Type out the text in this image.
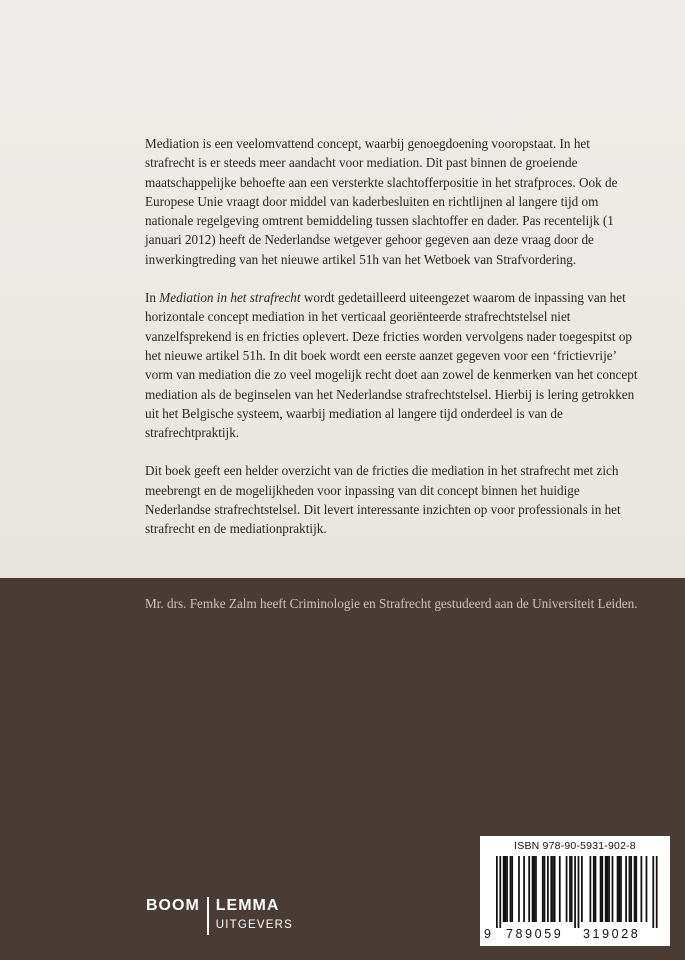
Mediation is een veelomvattend concept, waarbij genoegdoening vooropstaat. In het strafrecht is er steeds meer aandacht voor mediation. Dit past binnen de groeiende maatschappelijke behoefte aan een versterkte slachtofferpositie in het strafproces. Ook de Europese Unie vraagt door middel van kaderbesluiten en richtlijnen al langere tijd om nationale regelgeving omtrent bemiddeling tussen slachtoffer en dader. Pas recentelijk (1 januari 2012) heeft de Nederlandse wetgever gehoor gegeven aan deze vraag door de inwerkingtreding van het nieuwe artikel 51h van het Wetboek van Strafvordering.

In Mediation in het strafrecht wordt gedetailleerd uiteengezet waarom de inpassing van het horizontale concept mediation in het verticaal georiënteerde strafrechtstelsel niet vanzelfsprekend is en fricties oplevert. Deze fricties worden vervolgens nader toegespitst op het nieuwe artikel 51h. In dit boek wordt een eerste aanzet gegeven voor een ‘frictievrije’ vorm van mediation die zo veel mogelijk recht doet aan zowel de kenmerken van het concept mediation als de beginselen van het Nederlandse strafrechtstelsel. Hierbij is lering getrokken uit het Belgische systeem, waarbij mediation al langere tijd onderdeel is van de strafrechtpraktijk.

Dit boek geeft een helder overzicht van de fricties die mediation in het strafrecht met zich meebrengt en de mogelijkheden voor inpassing van dit concept binnen het huidige Nederlandse strafrechtstelsel. Dit levert interessante inzichten op voor professionals in het strafrecht en de mediationpraktijk.

Mr. drs. Femke Zalm heeft Criminologie en Strafrecht gestudeerd aan de Universiteit Leiden.

BOOM	LEMMA
UITGEVERS
ISBN 978-90-5931-902-8
9 789059 319028
